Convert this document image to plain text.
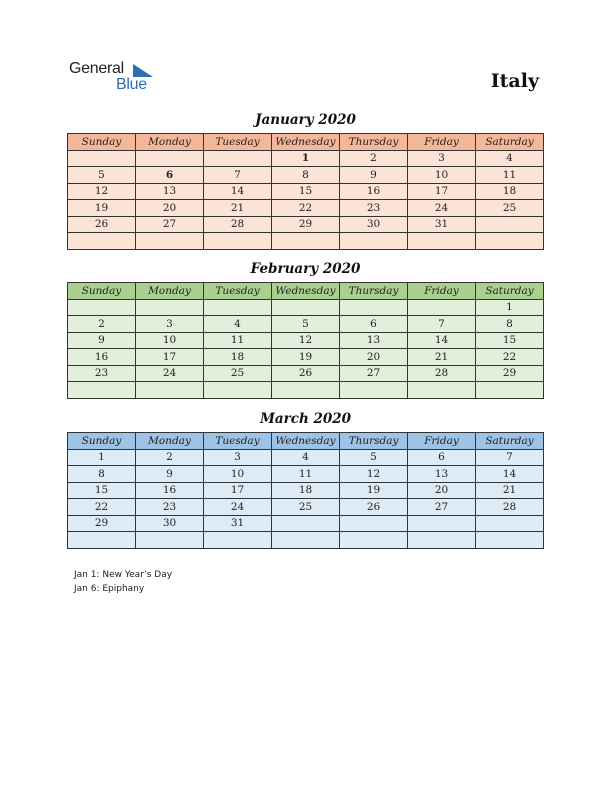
General
Blue	Italy
January 2020
Sunday	Monday	Tuesday	Wednesday	Thursday	Friday	Saturday
			1	2	3	4
5	6	7	8	9	10	11
12	13	14	15	16	17	18
19	20	21	22	23	24	25
26	27	28	29	30	31	

February 2020
Sunday	Monday	Tuesday	Wednesday	Thursday	Friday	Saturday
						1
2	3	4	5	6	7	8
9	10	11	12	13	14	15
16	17	18	19	20	21	22
23	24	25	26	27	28	29

March 2020
Sunday	Monday	Tuesday	Wednesday	Thursday	Friday	Saturday
1	2	3	4	5	6	7
8	9	10	11	12	13	14
15	16	17	18	19	20	21
22	23	24	25	26	27	28
29	30	31				

Jan 1: New Year’s Day
Jan 6: Epiphany
